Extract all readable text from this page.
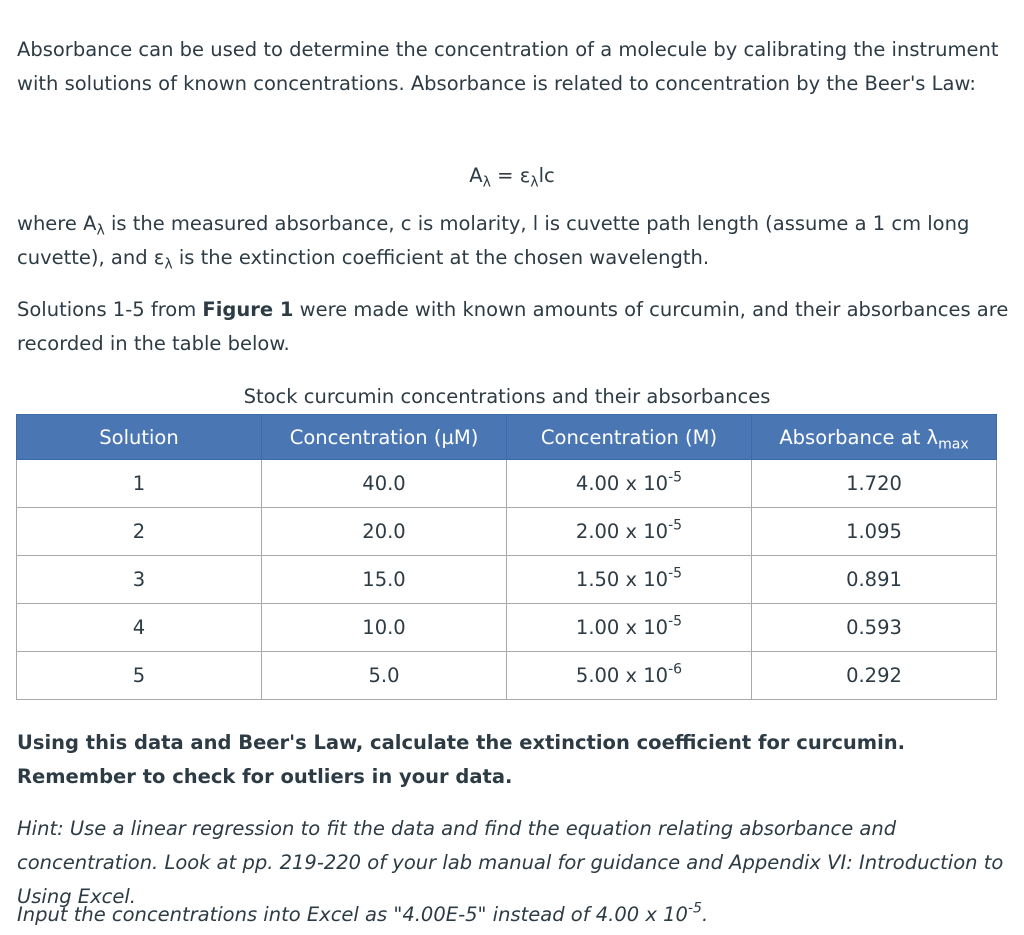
Absorbance can be used to determine the concentration of a molecule by calibrating the instrument with solutions of known concentrations. Absorbance is related to concentration by the Beer's Law:

$A_\lambda = \varepsilon_\lambda lc$

where $A_\lambda$ is the measured absorbance, c is molarity, l is cuvette path length (assume a 1 cm long cuvette), and $\varepsilon_\lambda$ is the extinction coefficient at the chosen wavelength.

Solutions 1-5 from Figure 1 were made with known amounts of curcumin, and their absorbances are recorded in the table below.

Stock curcumin concentrations and their absorbances

Solution	Concentration (µM)	Concentration (M)	Absorbance at $\lambda_{max}$
1	40.0	4.00 x $10^{-5}$	1.720
2	20.0	2.00 x $10^{-5}$	1.095
3	15.0	1.50 x $10^{-5}$	0.891
4	10.0	1.00 x $10^{-5}$	0.593
5	5.0	5.00 x $10^{-6}$	0.292

Using this data and Beer's Law, calculate the extinction coefficient for curcumin. Remember to check for outliers in your data.

Hint: Use a linear regression to fit the data and find the equation relating absorbance and concentration. Look at pp. 219-220 of your lab manual for guidance and Appendix VI: Introduction to Using Excel.

Input the concentrations into Excel as "4.00E-5" instead of 4.00 x $10^{-5}$.
